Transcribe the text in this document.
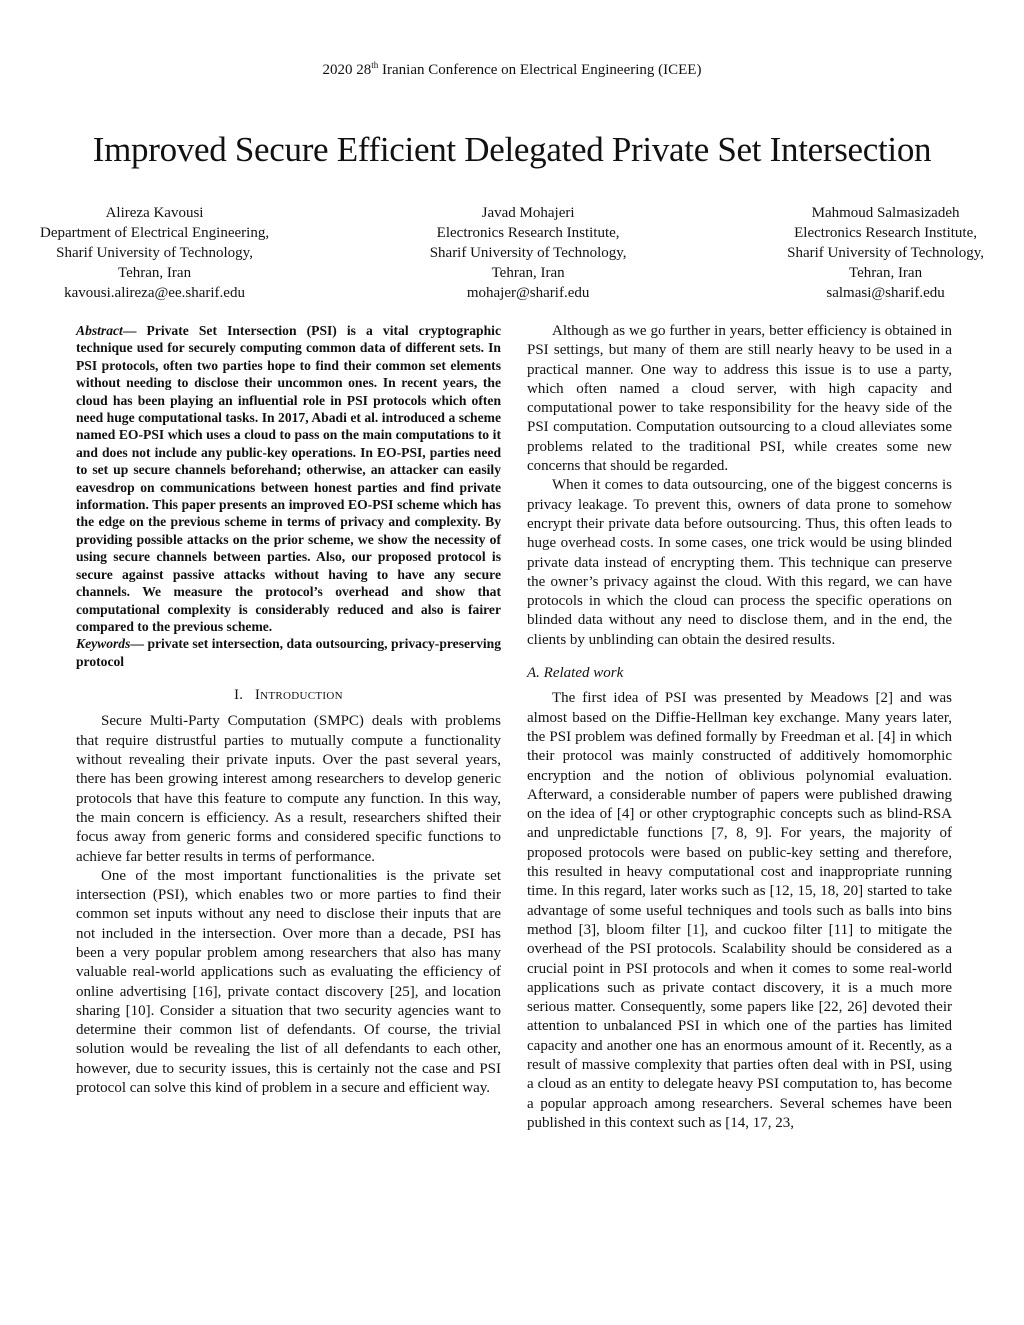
2020 28th Iranian Conference on Electrical Engineering (ICEE)
Improved Secure Efficient Delegated Private Set Intersection
Alireza Kavousi
Department of Electrical Engineering,
Sharif University of Technology,
Tehran, Iran
kavousi.alireza@ee.sharif.edu
Javad Mohajeri
Electronics Research Institute,
Sharif University of Technology,
Tehran, Iran
mohajer@sharif.edu
Mahmoud Salmasizadeh
Electronics Research Institute,
Sharif University of Technology,
Tehran, Iran
salmasi@sharif.edu

Abstract— Private Set Intersection (PSI) is a vital cryptographic technique used for securely computing common data of different sets. In PSI protocols, often two parties hope to find their common set elements without needing to disclose their uncommon ones. In recent years, the cloud has been playing an influential role in PSI protocols which often need huge computational tasks. In 2017, Abadi et al. introduced a scheme named EO-PSI which uses a cloud to pass on the main computations to it and does not include any public-key operations. In EO-PSI, parties need to set up secure channels beforehand; otherwise, an attacker can easily eavesdrop on communications between honest parties and find private information. This paper presents an improved EO-PSI scheme which has the edge on the previous scheme in terms of privacy and complexity. By providing possible attacks on the prior scheme, we show the necessity of using secure channels between parties. Also, our proposed protocol is secure against passive attacks without having to have any secure channels. We measure the protocol’s overhead and show that computational complexity is considerably reduced and also is fairer compared to the previous scheme.

Keywords— private set intersection, data outsourcing, privacy-preserving protocol

I. INTRODUCTION

Secure Multi-Party Computation (SMPC) deals with problems that require distrustful parties to mutually compute a functionality without revealing their private inputs. Over the past several years, there has been growing interest among researchers to develop generic protocols that have this feature to compute any function. In this way, the main concern is efficiency. As a result, researchers shifted their focus away from generic forms and considered specific functions to achieve far better results in terms of performance.

One of the most important functionalities is the private set intersection (PSI), which enables two or more parties to find their common set inputs without any need to disclose their inputs that are not included in the intersection. Over more than a decade, PSI has been a very popular problem among researchers that also has many valuable real-world applications such as evaluating the efficiency of online advertising [16], private contact discovery [25], and location sharing [10]. Consider a situation that two security agencies want to determine their common list of defendants. Of course, the trivial solution would be revealing the list of all defendants to each other, however, due to security issues, this is certainly not the case and PSI protocol can solve this kind of problem in a secure and efficient way.

Although as we go further in years, better efficiency is obtained in PSI settings, but many of them are still nearly heavy to be used in a practical manner. One way to address this issue is to use a party, which often named a cloud server, with high capacity and computational power to take responsibility for the heavy side of the PSI computation. Computation outsourcing to a cloud alleviates some problems related to the traditional PSI, while creates some new concerns that should be regarded.

When it comes to data outsourcing, one of the biggest concerns is privacy leakage. To prevent this, owners of data prone to somehow encrypt their private data before outsourcing. Thus, this often leads to huge overhead costs. In some cases, one trick would be using blinded private data instead of encrypting them. This technique can preserve the owner’s privacy against the cloud. With this regard, we can have protocols in which the cloud can process the specific operations on blinded data without any need to disclose them, and in the end, the clients by unblinding can obtain the desired results.

A. Related work

The first idea of PSI was presented by Meadows [2] and was almost based on the Diffie-Hellman key exchange. Many years later, the PSI problem was defined formally by Freedman et al. [4] in which their protocol was mainly constructed of additively homomorphic encryption and the notion of oblivious polynomial evaluation. Afterward, a considerable number of papers were published drawing on the idea of [4] or other cryptographic concepts such as blind-RSA and unpredictable functions [7, 8, 9]. For years, the majority of proposed protocols were based on public-key setting and therefore, this resulted in heavy computational cost and inappropriate running time. In this regard, later works such as [12, 15, 18, 20] started to take advantage of some useful techniques and tools such as balls into bins method [3], bloom filter [1], and cuckoo filter [11] to mitigate the overhead of the PSI protocols. Scalability should be considered as a crucial point in PSI protocols and when it comes to some real-world applications such as private contact discovery, it is a much more serious matter. Consequently, some papers like [22, 26] devoted their attention to unbalanced PSI in which one of the parties has limited capacity and another one has an enormous amount of it. Recently, as a result of massive complexity that parties often deal with in PSI, using a cloud as an entity to delegate heavy PSI computation to, has become a popular approach among researchers. Several schemes have been published in this context such as [14, 17, 23,
